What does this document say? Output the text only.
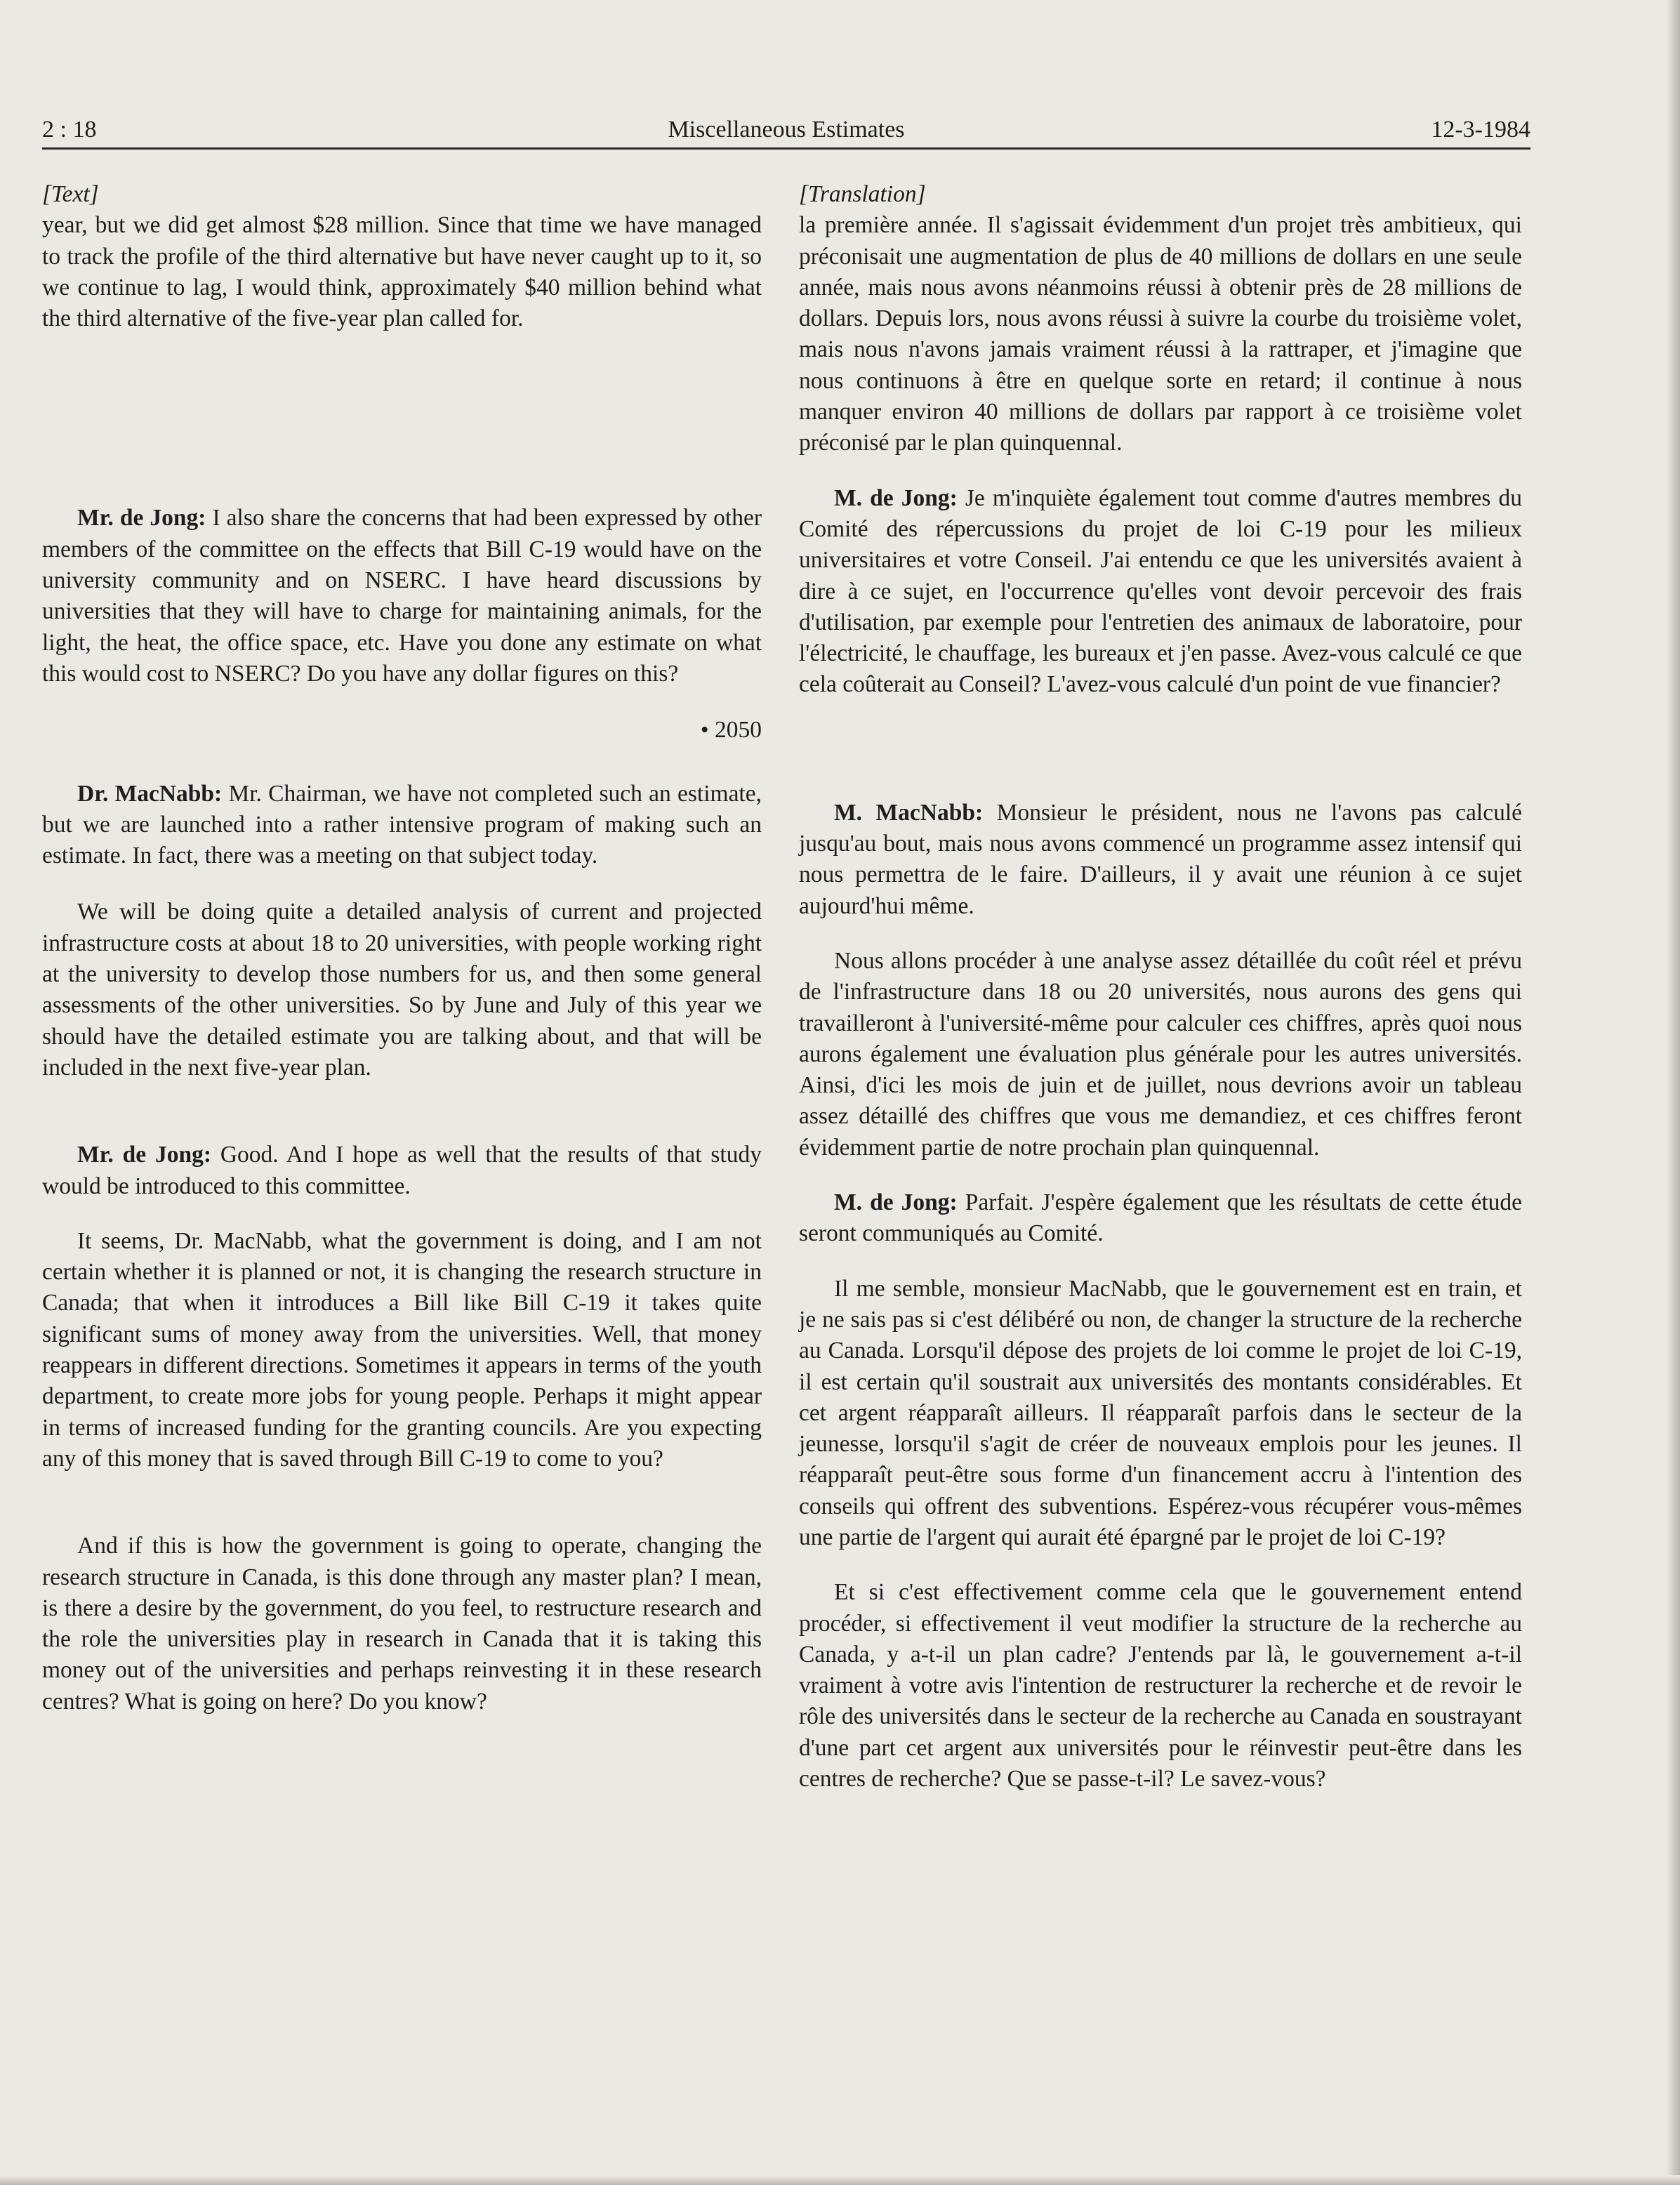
2 : 18	Miscellaneous Estimates	12-3-1984
[Text]

year, but we did get almost $28 million. Since that time we have managed to track the profile of the third alternative but have never caught up to it, so we continue to lag, I would think, approximately $40 million behind what the third alternative of the five-year plan called for.

Mr. de Jong: I also share the concerns that had been expressed by other members of the committee on the effects that Bill C-19 would have on the university community and on NSERC. I have heard discussions by universities that they will have to charge for maintaining animals, for the light, the heat, the office space, etc. Have you done any estimate on what this would cost to NSERC? Do you have any dollar figures on this?

• 2050

Dr. MacNabb: Mr. Chairman, we have not completed such an estimate, but we are launched into a rather intensive program of making such an estimate. In fact, there was a meeting on that subject today.

We will be doing quite a detailed analysis of current and projected infrastructure costs at about 18 to 20 universities, with people working right at the university to develop those numbers for us, and then some general assessments of the other universities. So by June and July of this year we should have the detailed estimate you are talking about, and that will be included in the next five-year plan.

Mr. de Jong: Good. And I hope as well that the results of that study would be introduced to this committee.

It seems, Dr. MacNabb, what the government is doing, and I am not certain whether it is planned or not, it is changing the research structure in Canada; that when it introduces a Bill like Bill C-19 it takes quite significant sums of money away from the universities. Well, that money reappears in different directions. Sometimes it appears in terms of the youth department, to create more jobs for young people. Perhaps it might appear in terms of increased funding for the granting councils. Are you expecting any of this money that is saved through Bill C-19 to come to you?

And if this is how the government is going to operate, changing the research structure in Canada, is this done through any master plan? I mean, is there a desire by the government, do you feel, to restructure research and the role the universities play in research in Canada that it is taking this money out of the universities and perhaps reinvesting it in these research centres? What is going on here? Do you know?

[Translation]

la première année. Il s'agissait évidemment d'un projet très ambitieux, qui préconisait une augmentation de plus de 40 millions de dollars en une seule année, mais nous avons néanmoins réussi à obtenir près de 28 millions de dollars. Depuis lors, nous avons réussi à suivre la courbe du troisième volet, mais nous n'avons jamais vraiment réussi à la rattraper, et j'imagine que nous continuons à être en quelque sorte en retard; il continue à nous manquer environ 40 millions de dollars par rapport à ce troisième volet préconisé par le plan quinquennal.

M. de Jong: Je m'inquiète également tout comme d'autres membres du Comité des répercussions du projet de loi C-19 pour les milieux universitaires et votre Conseil. J'ai entendu ce que les universités avaient à dire à ce sujet, en l'occurrence qu'elles vont devoir percevoir des frais d'utilisation, par exemple pour l'entretien des animaux de laboratoire, pour l'électricité, le chauffage, les bureaux et j'en passe. Avez-vous calculé ce que cela coûterait au Conseil? L'avez-vous calculé d'un point de vue financier?

M. MacNabb: Monsieur le président, nous ne l'avons pas calculé jusqu'au bout, mais nous avons commencé un programme assez intensif qui nous permettra de le faire. D'ailleurs, il y avait une réunion à ce sujet aujourd'hui même.

Nous allons procéder à une analyse assez détaillée du coût réel et prévu de l'infrastructure dans 18 ou 20 universités, nous aurons des gens qui travailleront à l'université-même pour calculer ces chiffres, après quoi nous aurons également une évaluation plus générale pour les autres universités. Ainsi, d'ici les mois de juin et de juillet, nous devrions avoir un tableau assez détaillé des chiffres que vous me demandiez, et ces chiffres feront évidemment partie de notre prochain plan quinquennal.

M. de Jong: Parfait. J'espère également que les résultats de cette étude seront communiqués au Comité.

Il me semble, monsieur MacNabb, que le gouvernement est en train, et je ne sais pas si c'est délibéré ou non, de changer la structure de la recherche au Canada. Lorsqu'il dépose des projets de loi comme le projet de loi C-19, il est certain qu'il soustrait aux universités des montants considérables. Et cet argent réapparaît ailleurs. Il réapparaît parfois dans le secteur de la jeunesse, lorsqu'il s'agit de créer de nouveaux emplois pour les jeunes. Il réapparaît peut-être sous forme d'un financement accru à l'intention des conseils qui offrent des subventions. Espérez-vous récupérer vous-mêmes une partie de l'argent qui aurait été épargné par le projet de loi C-19?

Et si c'est effectivement comme cela que le gouvernement entend procéder, si effectivement il veut modifier la structure de la recherche au Canada, y a-t-il un plan cadre? J'entends par là, le gouvernement a-t-il vraiment à votre avis l'intention de restructurer la recherche et de revoir le rôle des universités dans le secteur de la recherche au Canada en soustrayant d'une part cet argent aux universités pour le réinvestir peut-être dans les centres de recherche? Que se passe-t-il? Le savez-vous?
